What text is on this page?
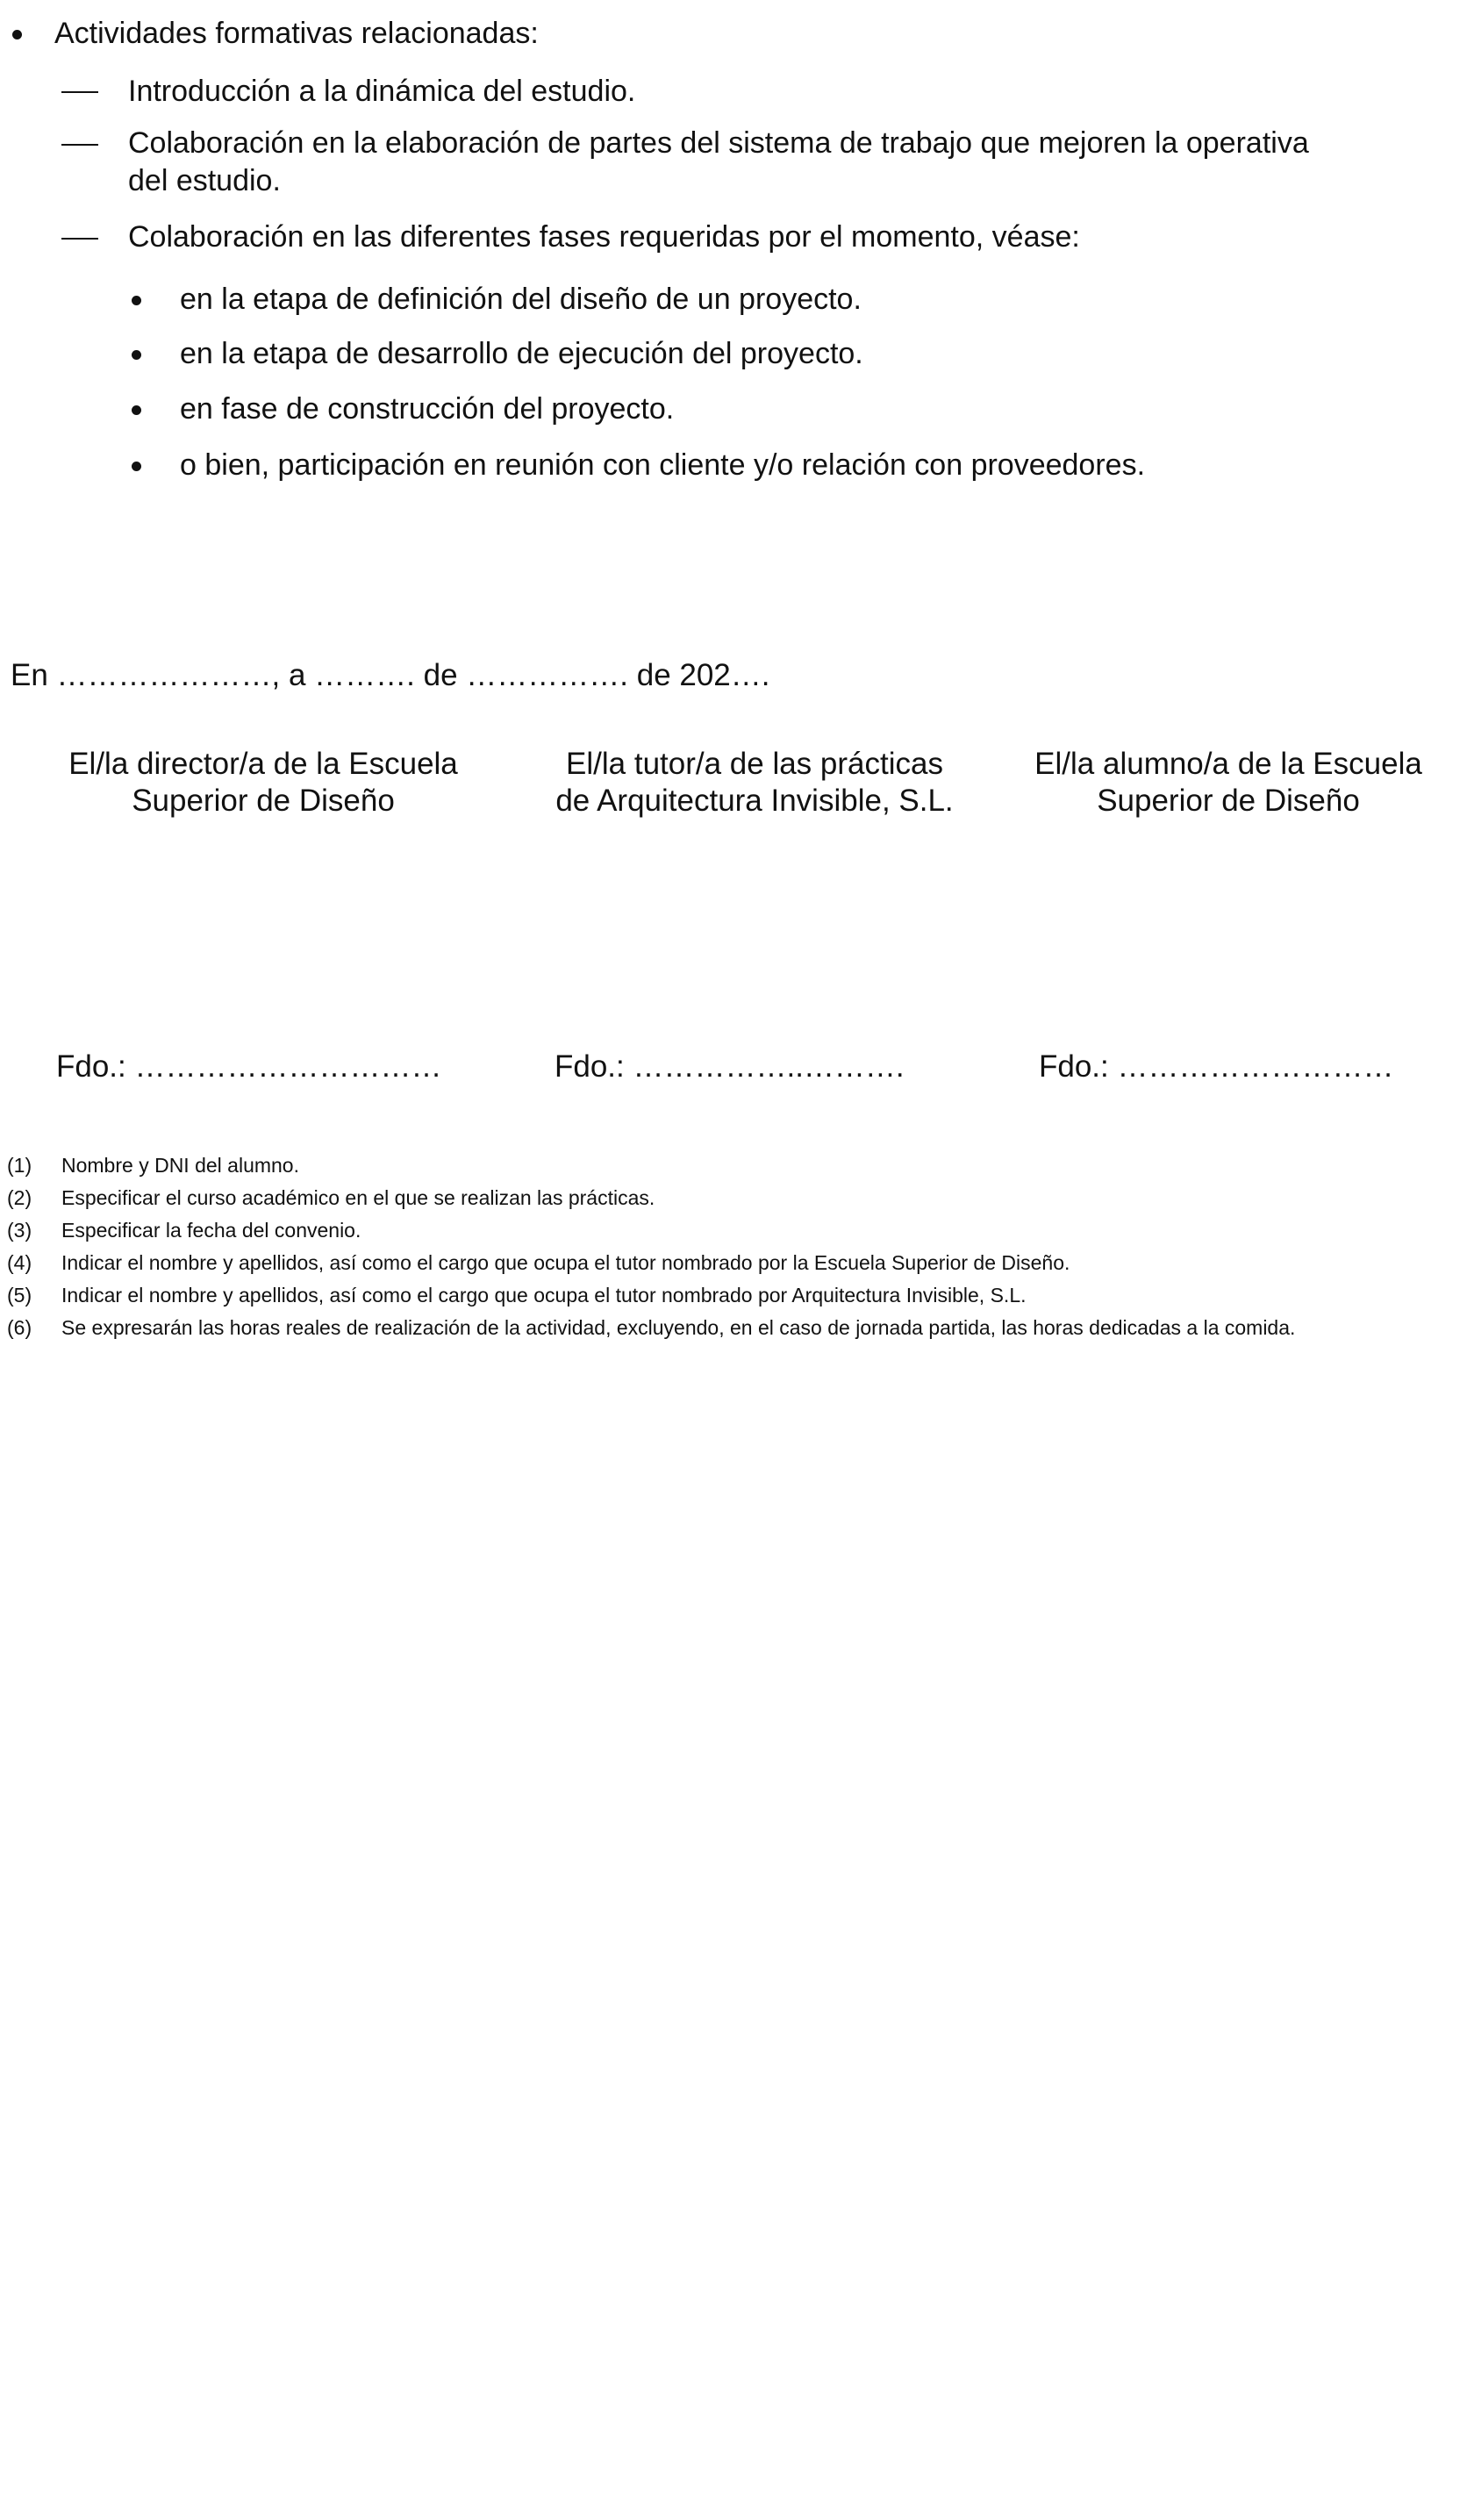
Actividades formativas relacionadas:
Introducción a la dinámica del estudio.
Colaboración en la elaboración de partes del sistema de trabajo que mejoren la operativa
del estudio.
Colaboración en las diferentes fases requeridas por el momento, véase:
en la etapa de definición del diseño de un proyecto.
en la etapa de desarrollo de ejecución del proyecto.
en fase de construcción del proyecto.
o bien, participación en reunión con cliente y/o relación con proveedores.
En …………………, a ………. de ……………. de 202….
El/la director/a de la Escuela
Superior de Diseño
El/la tutor/a de las prácticas
de Arquitectura Invisible, S.L.
El/la alumno/a de la Escuela
Superior de Diseño
Fdo.: …………………………	Fdo.: ……………..……….	Fdo.: ………………………
(1) Nombre y DNI del alumno.
(2) Especificar el curso académico en el que se realizan las prácticas.
(3) Especificar la fecha del convenio.
(4) Indicar el nombre y apellidos, así como el cargo que ocupa el tutor nombrado por la Escuela Superior de Diseño.
(5) Indicar el nombre y apellidos, así como el cargo que ocupa el tutor nombrado por Arquitectura Invisible, S.L.
(6) Se expresarán las horas reales de realización de la actividad, excluyendo, en el caso de jornada partida, las horas dedicadas a la comida.
